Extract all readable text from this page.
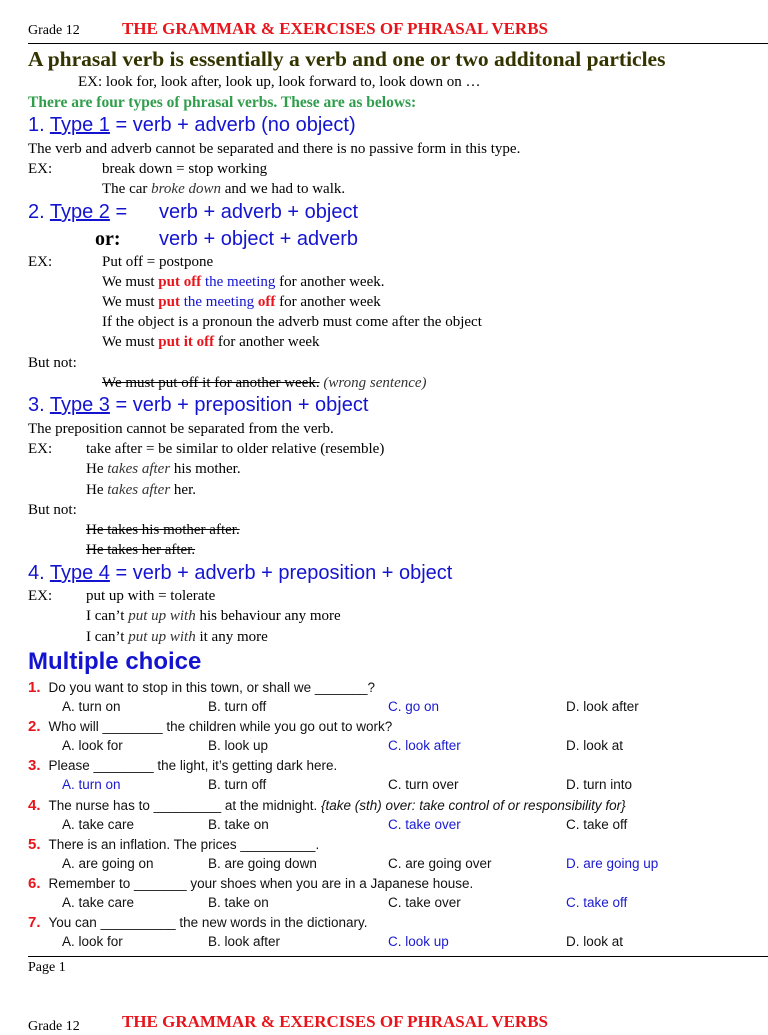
Grade 12 THE GRAMMAR & EXERCISES OF PHRASAL VERBS
A phrasal verb is essentially a verb and one or two additonal particles
EX: look for, look after, look up, look forward to, look down on …
There are four types of phrasal verbs. These are as belows:
1. Type 1 = verb + adverb (no object)
The verb and adverb cannot be separated and there is no passive form in this type.
EX:	break down = stop working
The car broke down and we had to walk.
2. Type 2 = verb + adverb + object
or: verb + object + adverb
EX:	Put off = postpone
We must put off the meeting for another week.
We must put the meeting off for another week
If the object is a pronoun the adverb must come after the object
We must put it off for another week
But not:
We must put off it for another week. (wrong sentence)
3. Type 3 = verb + preposition + object
The preposition cannot be separated from the verb.
EX: take after = be similar to older relative (resemble)
He takes after his mother.
He takes after her.
But not:
He takes his mother after.
He takes her after.
4. Type 4 = verb + adverb + preposition + object
EX: put up with = tolerate
I can’t put up with his behaviour any more
I can’t put up with it any more
Multiple choice
Page 1
Grade 12 THE GRAMMAR & EXERCISES OF PHRASAL VERBS
1. Do you want to stop in this town, or shall we _______?
A. turn on	B. turn off	C. go on	D. look after
2. Who will ________ the children while you go out to work?
A. look for	B. look up	C. look after	D. look at
3. Please ________ the light, it’s getting dark here.
A. turn on	B. turn off	C. turn over	D. turn into
4. The nurse has to _________ at the midnight. {take (sth) over: take control of or responsibility for}
A. take care	B. take on	C. take over	C. take off
5. There is an inflation. The prices __________.
A. are going on	B. are going down	C. are going over	D. are going up
6. Remember to _______ your shoes when you are in a Japanese house.
A. take care	B. take on	C. take over	C. take off
7. You can __________ the new words in the dictionary.
A. look for	B. look after	C. look up	D. look at
